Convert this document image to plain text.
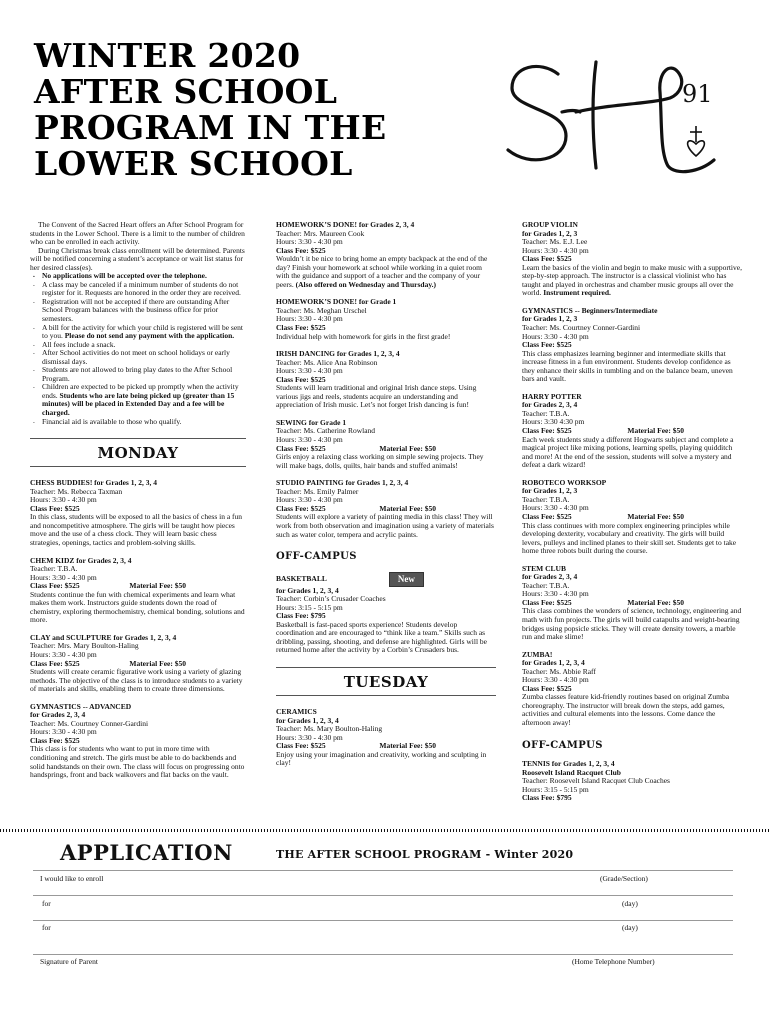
WINTER 2020
AFTER SCHOOL
PROGRAM IN THE
LOWER SCHOOL
91

The Convent of the Sacred Heart offers an After School Program for students in the Lower School. There is a limit to the number of children who can be enrolled in each activity.

During Christmas break class enrollment will be determined. Parents will be notified concerning a student’s acceptance or wait list status for her desired class(es).

. No applications will be accepted over the telephone.

. A class may be canceled if a minimum number of students do not register for it. Requests are honored in the order they are received.

. Registration will not be accepted if there are outstanding After School Program balances with the business office for prior semesters.

. A bill for the activity for which your child is registered will be sent to you. Please do not send any payment with the application.

. All fees include a snack.

. After School activities do not meet on school holidays or early dismissal days.

. Students are not allowed to bring play dates to the After School Program.

. Children are expected to be picked up promptly when the activity ends. Students who are late being picked up (greater than 15 minutes) will be placed in Extended Day and a fee will be charged.

. Financial aid is available to those who qualify.

MONDAY

CHESS BUDDIES! for Grades 1, 2, 3, 4

Teacher: Ms. Rebecca Taxman

Hours: 3:30 - 4:30 pm

Class Fee: $525

In this class, students will be exposed to all the basics of chess in a fun and noncompetitive atmosphere. The girls will be taught how pieces move and the use of a chess clock. They will learn basic chess strategies, openings, tactics and problem-solving skills.

CHEM KIDZ for Grades 2, 3, 4

Teacher: T.B.A.

Hours: 3:30 - 4:30 pm

Class Fee: $525	Material Fee: $50

Students continue the fun with chemical experiments and learn what makes them work. Instructors guide students down the road of chemistry, exploring thermochemistry, chemical bonding, solutions and more.

CLAY and SCULPTURE for Grades 1, 2, 3, 4

Teacher: Mrs. Mary Boulton-Haling

Hours: 3:30 - 4:30 pm

Class Fee: $525	Material Fee: $50

Students will create ceramic figurative work using a variety of glazing methods. The objective of the class is to introduce students to a variety of materials and skills, enabling them to create three dimensions.

GYMNASTICS -- ADVANCED

for Grades 2, 3, 4

Teacher: Ms. Courtney Conner-Gardini

Hours: 3:30 - 4:30 pm

Class Fee: $525

This class is for students who want to put in more time with conditioning and stretch. The girls must be able to do backbends and solid handstands on their own. The class will focus on progressing onto handsprings, front and back walkovers and flat backs on the vault.

HOMEWORK’S DONE! for Grades 2, 3, 4

Teacher: Mrs. Maureen Cook

Hours: 3:30 - 4:30 pm

Class Fee: $525

Wouldn’t it be nice to bring home an empty backpack at the end of the day? Finish your homework at school while working in a quiet room with the guidance and support of a teacher and the company of your peers. (Also offered on Wednesday and Thursday.)

HOMEWORK’S DONE! for Grade 1

Teacher: Ms. Meghan Urschel

Hours: 3:30 - 4:30 pm

Class Fee: $525

Individual help with homework for girls in the first grade!

IRISH DANCING for Grades 1, 2, 3, 4

Teacher: Ms. Alice Ana Robinson

Hours: 3:30 - 4:30 pm

Class Fee: $525

Students will learn traditional and original Irish dance steps. Using various jigs and reels, students acquire an understanding and appreciation of Irish music. Let’s not forget Irish dancing is fun!

SEWING for Grade 1

Teacher: Ms. Catherine Rowland

Hours: 3:30 - 4:30 pm

Class Fee: $525	Material Fee: $50

Girls enjoy a relaxing class working on simple sewing projects. They will make bags, dolls, quilts, hair bands and stuffed animals!

STUDIO PAINTING for Grades 1, 2, 3, 4

Teacher: Ms. Emily Palmer

Hours: 3:30 - 4:30 pm

Class Fee: $525	Material Fee: $50

Students will explore a variety of painting media in this class! They will work from both observation and imagination using a variety of materials such as water color, tempera and acrylic paints.

OFF-CAMPUS
BASKETBALL	New

for Grades 1, 2, 3, 4

Teacher: Corbin’s Crusader Coaches

Hours: 3:15 - 5:15 pm

Class Fee: $795

Basketball is fast-paced sports experience! Students develop coordination and are encouraged to “think like a team.” Skills such as dribbling, passing, shooting, and defense are highlighted. Girls will be returned home after the activity by a Corbin’s Crusaders bus.

TUESDAY

CERAMICS

for Grades 1, 2, 3, 4

Teacher: Ms. Mary Boulton-Haling

Hours: 3:30 - 4:30 pm

Class Fee: $525	Material Fee: $50

Enjoy using your imagination and creativity, working and sculpting in clay!

GROUP VIOLIN

for Grades 1, 2, 3

Teacher: Ms. E.J. Lee

Hours: 3:30 - 4:30 pm

Class Fee: $525

Learn the basics of the violin and begin to make music with a supportive, step-by-step approach. The instructor is a classical violinist who has taught and played in orchestras and chamber music groups all over the world. Instrument required.

GYMNASTICS -- Beginners/Intermediate

for Grades 1, 2, 3

Teacher: Ms. Courtney Conner-Gardini

Hours: 3:30 - 4:30 pm

Class Fee: $525

This class emphasizes learning beginner and intermediate skills that increase fitness in a fun environment. Students develop confidence as they enhance their skills in tumbling and on the balance beam, uneven bars and vault.

HARRY POTTER

for Grades 2, 3, 4

Teacher: T.B.A.

Hours: 3:30 4:30 pm

Class Fee: $525	Material Fee: $50

Each week students study a different Hogwarts subject and complete a magical project like mixing potions, learning spells, playing quidditch and more! At the end of the session, students will solve a mystery and defeat a dark wizard!

ROBOTECO WORKSOP

for Grades 1, 2, 3

Teacher: T.B.A.

Hours: 3:30 - 4:30 pm

Class Fee: $525	Material Fee: $50

This class continues with more complex engineering principles while developing dexterity, vocabulary and creativity. The girls will build levers, pulleys and inclined planes to their skill set. Students get to take home three robots built during the course.

STEM CLUB

for Grades 2, 3, 4

Teacher: T.B.A.

Hours: 3:30 - 4:30 pm

Class Fee: $525	Material Fee: $50

This class combines the wonders of science, technology, engineering and math with fun projects. The girls will build catapults and weight-bearing bridges using popsicle sticks. They will create density towers, a marble run and make slime!

ZUMBA!

for Grades 1, 2, 3, 4

Teacher: Ms. Abbie Raff

Hours: 3:30 - 4:30 pm

Class Fee: $525

Zumba classes feature kid-friendly routines based on original Zumba choreography. The instructor will break down the steps, add games, activities and cultural elements into the lessons. Come dance the afternoon away!

OFF-CAMPUS

TENNIS for Grades 1, 2, 3, 4

Roosevelt Island Racquet Club

Teacher: Roosevelt Island Racquet Club Coaches

Hours: 3:15 - 5:15 pm

Class Fee: $795

APPLICATION	THE AFTER SCHOOL PROGRAM - Winter 2020
I would like to enroll	(Grade/Section)
for	(day)
for	(day)
Signature of Parent	(Home Telephone Number)
